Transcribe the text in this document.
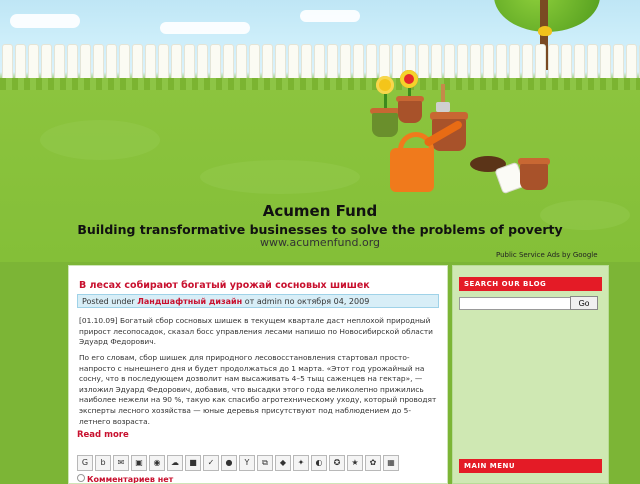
Acumen Fund
Building transformative businesses to solve the problems of poverty
www.acumenfund.org
Public Service Ads by Google
В лесах собирают богатый урожай сосновых шишек
Posted under Ландшафтный дизайн от admin по октября 04, 2009

[01.10.09] Богатый сбор сосновых шишек в текущем квартале даст неплохой природный прирост лесопосадок, сказал босс управления лесами напишо по Новосибирской области Эдуард Федорович.

По его словам, сбор шишек для природного лесовосстановления стартовал просто-напросто с нынешнего дня и будет продолжаться до 1 марта. «Этот год урожайный на сосну, что в последующем дозволит нам высаживать 4–5 тыщ саженцев на гектар», — изложил Эдуард Федорович, добавив, что высадки этого года великолепно прижились наиболее нежели на 90 %, такую как спасибо агротехническому уходу, который проводят эксперты лесного хозяйства — юные деревья присутствуют под наблюдением до 5-летнего возраста.

Read more
G	b	✉	▣	◉	☁	■	✓	●	Y	⧉	◆	✦	◐	✪	★	✿	▦
Комментариев нет
SEARCH OUR BLOG
Go
MAIN MENU
